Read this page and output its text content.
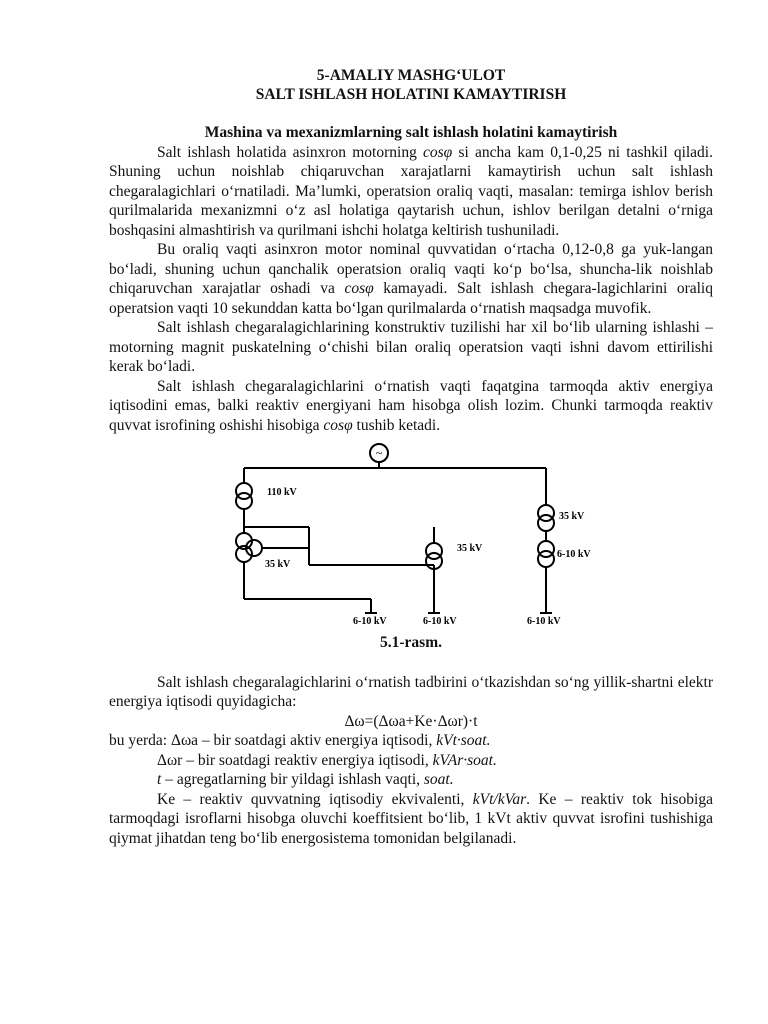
5-AMALIY MASHG‘ULOT
SALT ISHLASH HOLATINI KAMAYTIRISH
Mashina va mexanizmlarning salt ishlash holatini kamaytirish

Salt ishlash holatida asinxron motorning cosφ si ancha kam 0,1-0,25 ni tashkil qiladi. Shuning uchun noishlab chiqaruvchan xarajatlarni kamaytirish uchun salt ishlash chegaralagichlari o‘rnatiladi. Ma’lumki, operatsion oraliq vaqti, masalan: temirga ishlov berish qurilmalarida mexanizmni o‘z asl holatiga qaytarish uchun, ishlov berilgan detalni o‘rniga boshqasini almashtirish va qurilmani ishchi holatga keltirish tushuniladi.

Bu oraliq vaqti asinxron motor nominal quvvatidan o‘rtacha 0,12-0,8 ga yuk-langan bo‘ladi, shuning uchun qanchalik operatsion oraliq vaqti ko‘p bo‘lsa, shuncha-lik noishlab chiqaruvchan xarajatlar oshadi va cosφ kamayadi. Salt ishlash chegara-lagichlarini oraliq operatsion vaqti 10 sekunddan katta bo‘lgan qurilmalarda o‘rnatish maqsadga muvofik.

Salt ishlash chegaralagichlarining konstruktiv tuzilishi har xil bo‘lib ularning ishlashi – motorning magnit puskatelning o‘chishi bilan oraliq operatsion vaqti ishni davom ettirilishi kerak bo‘ladi.

Salt ishlash chegaralagichlarini o‘rnatish vaqti faqatgina tarmoqda aktiv energiya iqtisodini emas, balki reaktiv energiyani ham hisobga olish lozim. Chunki tarmoqda reaktiv quvvat isrofining oshishi hisobiga cosφ tushib ketadi.

~
110 kV
35 kV
35 kV
35 kV
6-10 kV
6-10 kV	6-10 kV	6-10 kV
5.1-rasm.

Salt ishlash chegaralagichlarini o‘rnatish tadbirini o‘tkazishdan so‘ng yillik-shartni elektr energiya iqtisodi quyidagicha:

Δω=(Δωa+Ke·Δωr)·t

bu yerda: Δωa – bir soatdagi aktiv energiya iqtisodi, kVt·soat.

Δωr – bir soatdagi reaktiv energiya iqtisodi, kVAr·soat.

t – agregatlarning bir yildagi ishlash vaqti, soat.

Ke – reaktiv quvvatning iqtisodiy ekvivalenti, kVt/kVar. Ke – reaktiv tok hisobiga tarmoqdagi isroflarni hisobga oluvchi koeffitsient bo‘lib, 1 kVt aktiv quvvat isrofini tushishiga qiymat jihatdan teng bo‘lib energosistema tomonidan belgilanadi.
